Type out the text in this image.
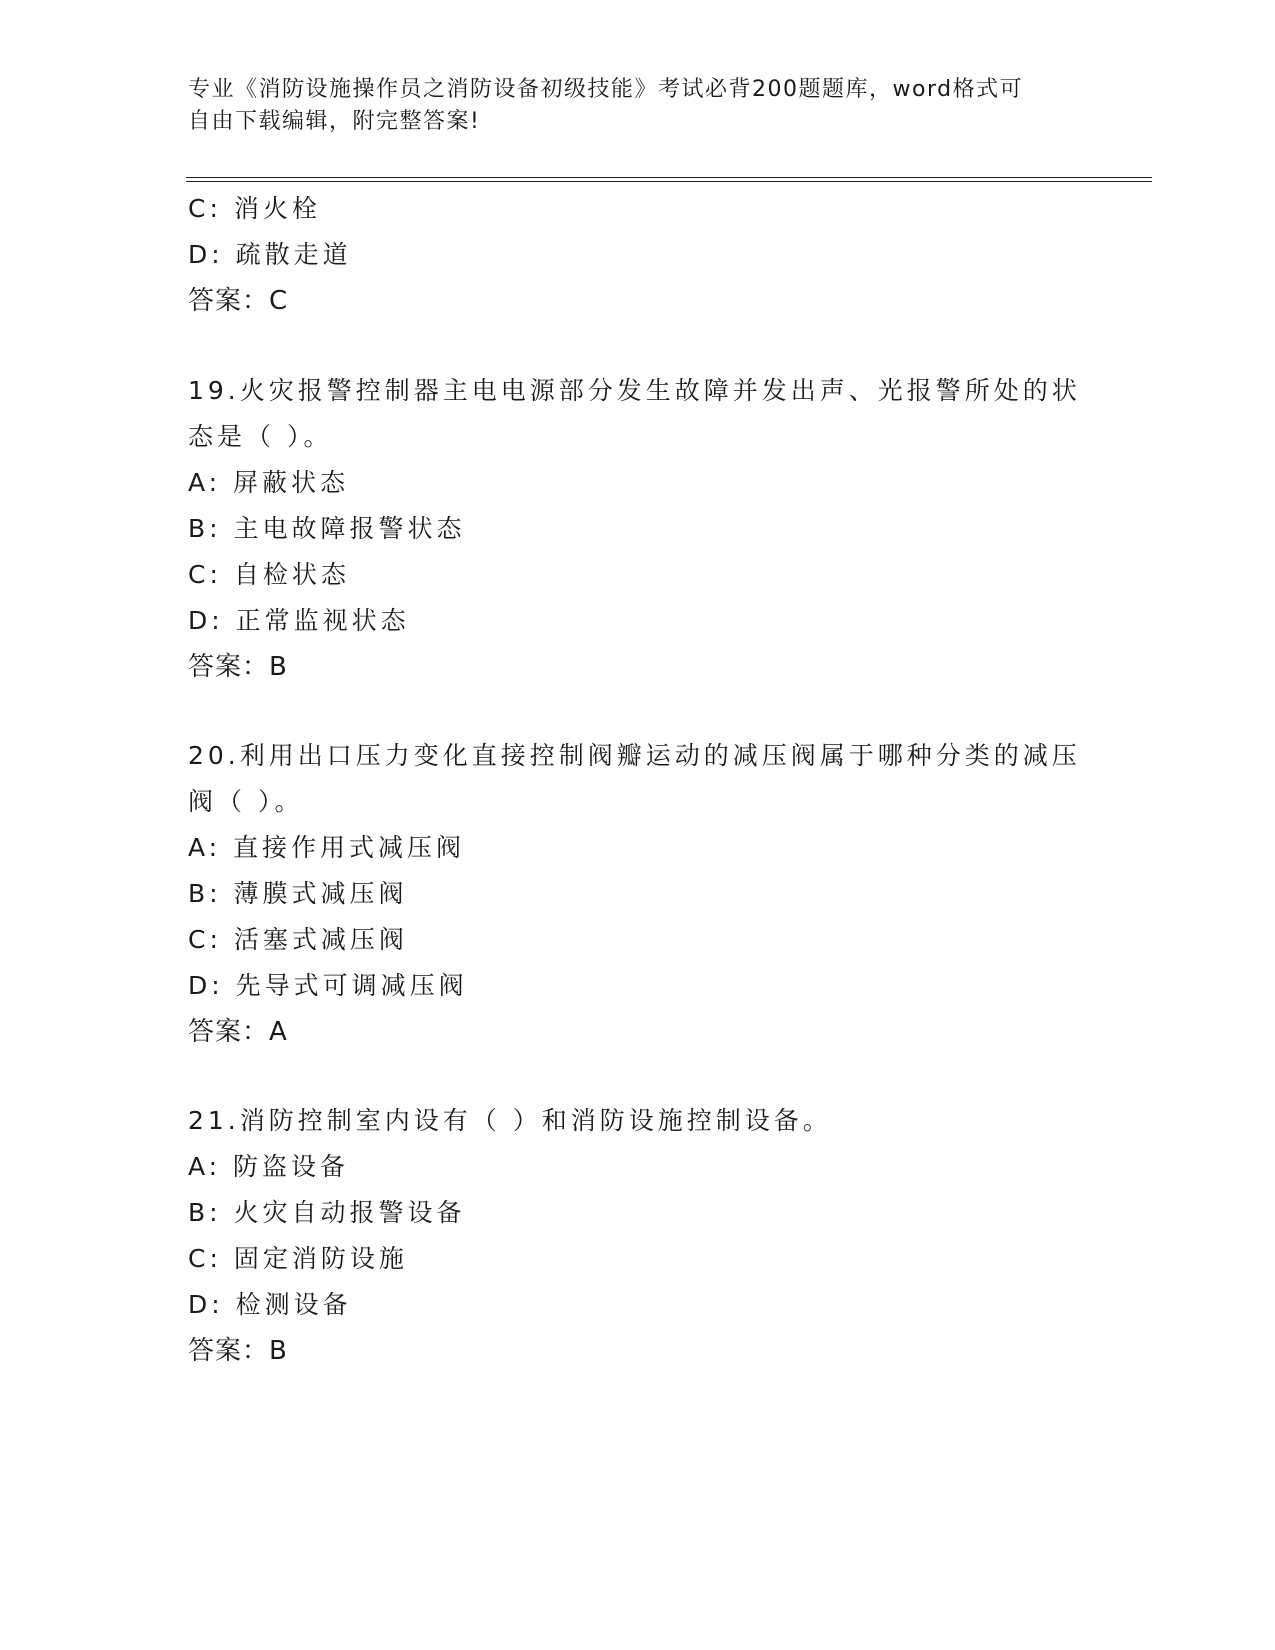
专业《消防设施操作员之消防设备初级技能》考试必背200题题库，word格式可
自由下载编辑，附完整答案!
C: 消火栓
D: 疏散走道
答案：C
19.火灾报警控制器主电电源部分发生故障并发出声、光报警所处的状
态是（ ）。
A: 屏蔽状态
B: 主电故障报警状态
C: 自检状态
D: 正常监视状态
答案：B
20.利用出口压力变化直接控制阀瓣运动的减压阀属于哪种分类的减压
阀（ ）。
A: 直接作用式减压阀
B: 薄膜式减压阀
C: 活塞式减压阀
D: 先导式可调减压阀
答案：A
21.消防控制室内设有（ ）和消防设施控制设备。
A: 防盗设备
B: 火灾自动报警设备
C: 固定消防设施
D: 检测设备
答案：B
